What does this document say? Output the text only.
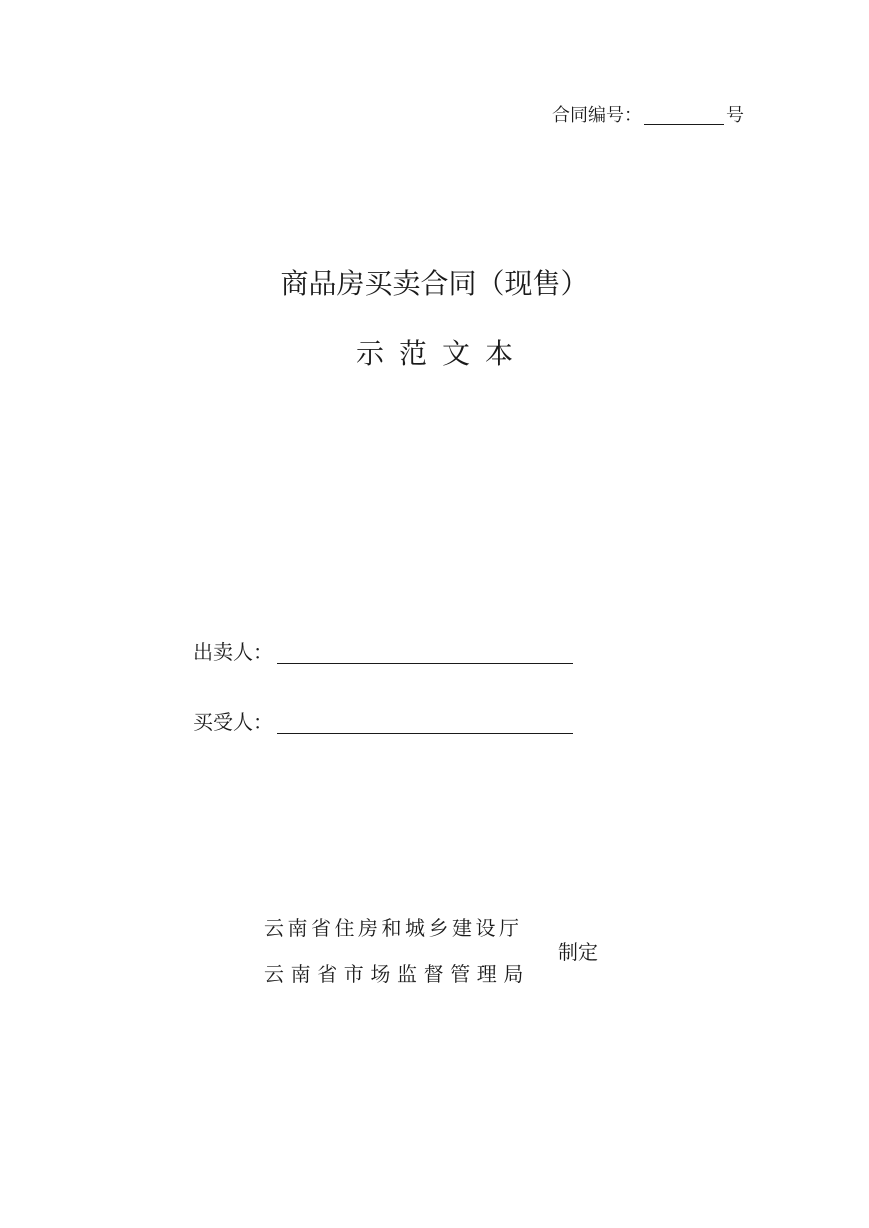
合同编号：	号
商品房买卖合同（现售）
示范文本
出卖人：
买受人：
云南省住房和城乡建设厅
云南省市场监督管理局
制定
